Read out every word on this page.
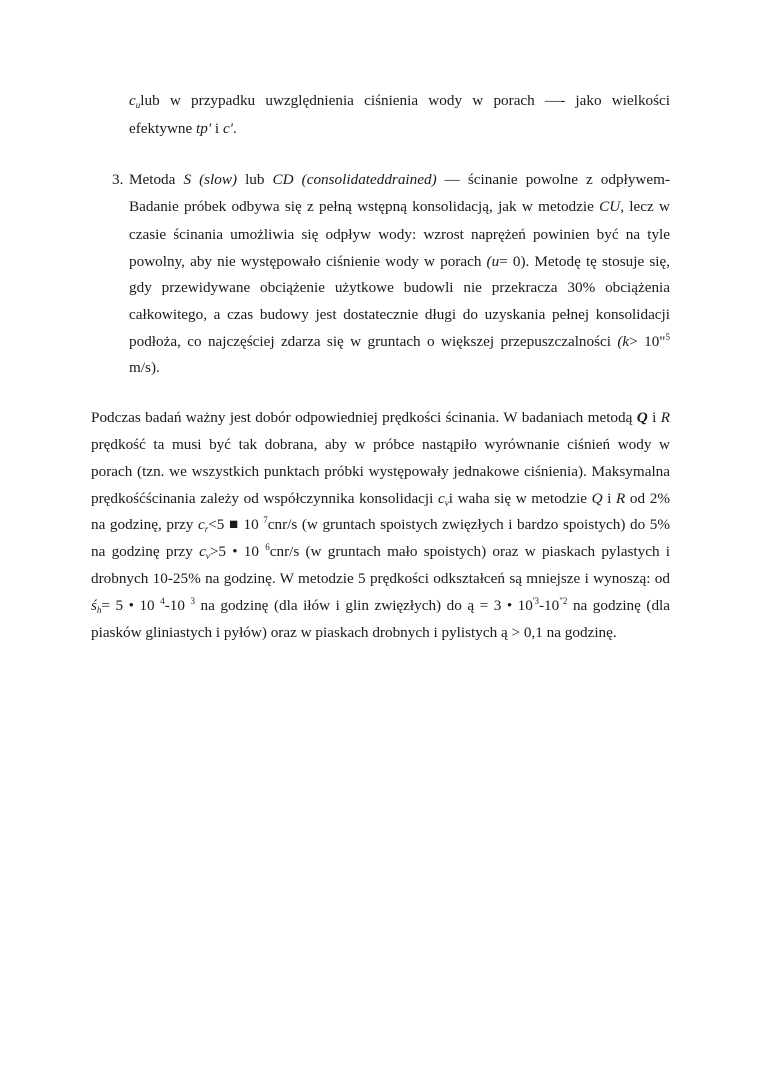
$c_ulub$ w przypadku uwzględnienia ciśnienia wody w porach —- jako wielkości
efektywne tp' i c'.
3. Metoda S (slow) lub CD (consolidateddrained) — ścinanie powolne z odpływem-
Badanie próbek odbywa się z pełną wstępną konsolidacją, jak w metodzie CU, lecz w
czasie ścinania umożliwia się odpływ wody: wzrost naprężeń powinien być na tyle
powolny, aby nie występowało ciśnienie wody w porach (u= 0). Metodę tę stosuje się,
gdy przewidywane obciążenie użytkowe budowli nie przekracza 30% obciążenia
całkowitego, a czas budowy jest dostatecznie długi do uzyskania pełnej konsolidacji
podłoża, co najczęściej zdarza się w gruntach o większej przepuszczalności (k> 10"$^5$
m/s).
Podczas badań ważny jest dobór odpowiedniej prędkości ścinania. W badaniach metodą Q i R
prędkość ta musi być tak dobrana, aby w próbce nastąpiło wyrównanie ciśnień wody w
porach (tzn. we wszystkich punktach próbki występowały jednakowe ciśnienia). Maksymalna
prędkośćścinania zależy od współczynnika konsolidacji $c_vi$ waha się w metodzie Q i R od 2%
na godzinę, przy $c_r<5$ ■ 10 $^7$cnr/s (w gruntach spoistych zwięzłych i bardzo spoistych) do 5%
na godzinę przy $c_v>5$ • 10 $^6$cnr/s (w gruntach mało spoistych) oraz w piaskach pylastych i
drobnych 10-25% na godzinę. W metodzie 5 prędkości odkształceń są mniejsze i wynoszą: od
$ś_h= 5$ • 10 $^4$-10 $^3$ na godzinę (dla iłów i glin zwięzłych) do ą = 3 • $10^{'3}-10^{"2}$ na godzinę (dla
piasków gliniastych i pyłów) oraz w piaskach drobnych i pylistych ą > 0,1 na godzinę.
